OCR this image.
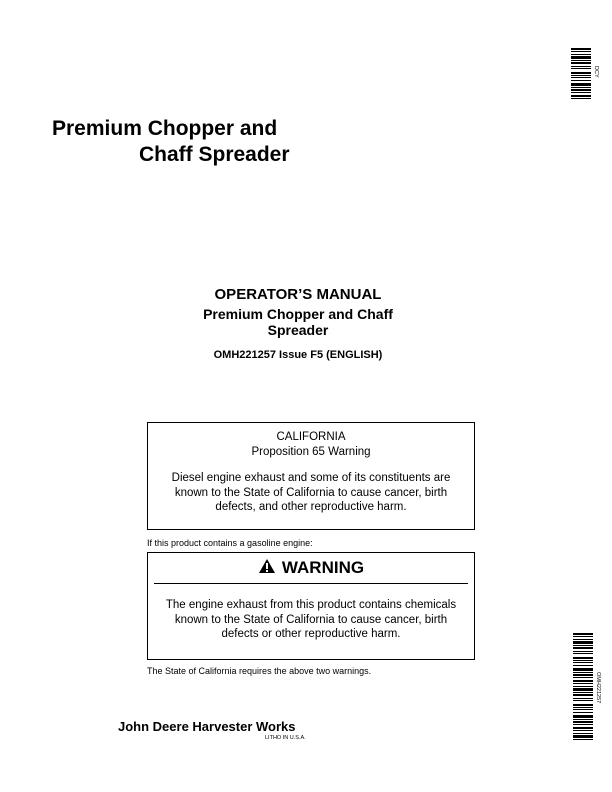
Premium Chopper and
Chaff Spreader
OPERATOR’S MANUAL
Premium Chopper and Chaff
Spreader
OMH221257 Issue F5 (ENGLISH)
CALIFORNIA
Proposition 65 Warning
Diesel engine exhaust and some of its constituents are known to the State of California to cause cancer, birth defects, and other reproductive harm.
If this product contains a gasoline engine:
WARNING
The engine exhaust from this product contains chemicals known to the State of California to cause cancer, birth defects or other reproductive harm.
The State of California requires the above two warnings.
John Deere Harvester Works
LITHO IN U.S.A.
DCY
OMH221257
